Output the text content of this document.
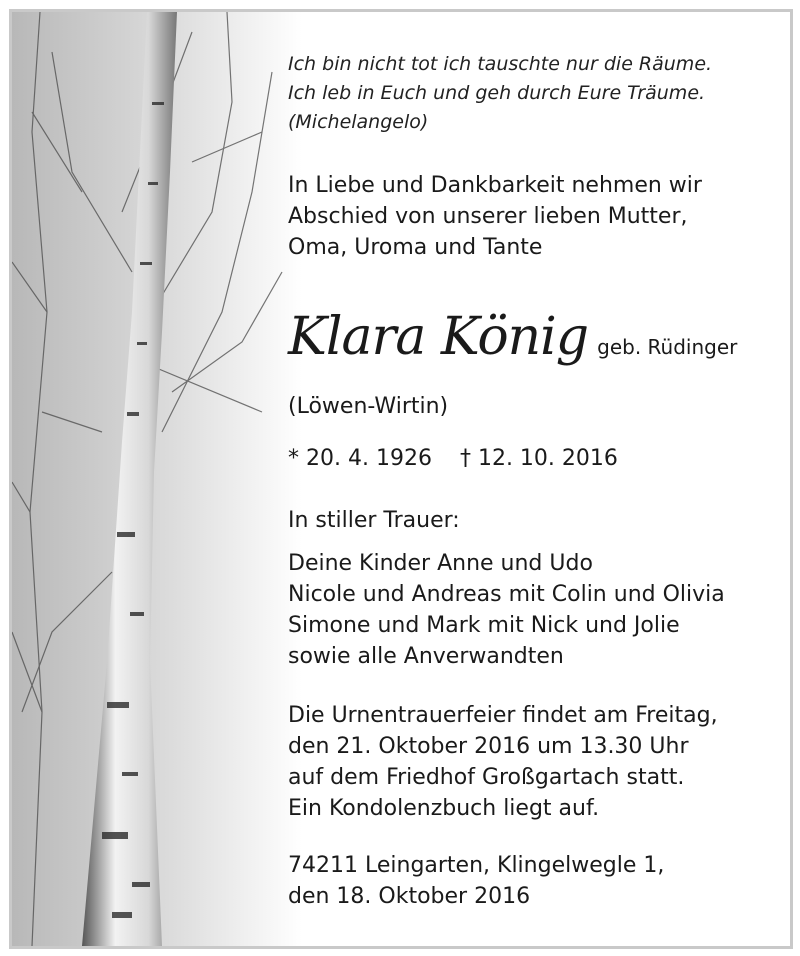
Ich bin nicht tot ich tauschte nur die Räume.
Ich leb in Euch und geh durch Eure Träume.
(Michelangelo)
In Liebe und Dankbarkeit nehmen wir
Abschied von unserer lieben Mutter,
Oma, Uroma und Tante
Klara König geb. Rüdinger
(Löwen-Wirtin)
* 20. 4. 1926 † 12. 10. 2016
In stiller Trauer:
Deine Kinder Anne und Udo
Nicole und Andreas mit Colin und Olivia
Simone und Mark mit Nick und Jolie
sowie alle Anverwandten
Die Urnentrauerfeier findet am Freitag,
den 21. Oktober 2016 um 13.30 Uhr
auf dem Friedhof Großgartach statt.
Ein Kondolenzbuch liegt auf.
74211 Leingarten, Klingelwegle 1,
den 18. Oktober 2016
